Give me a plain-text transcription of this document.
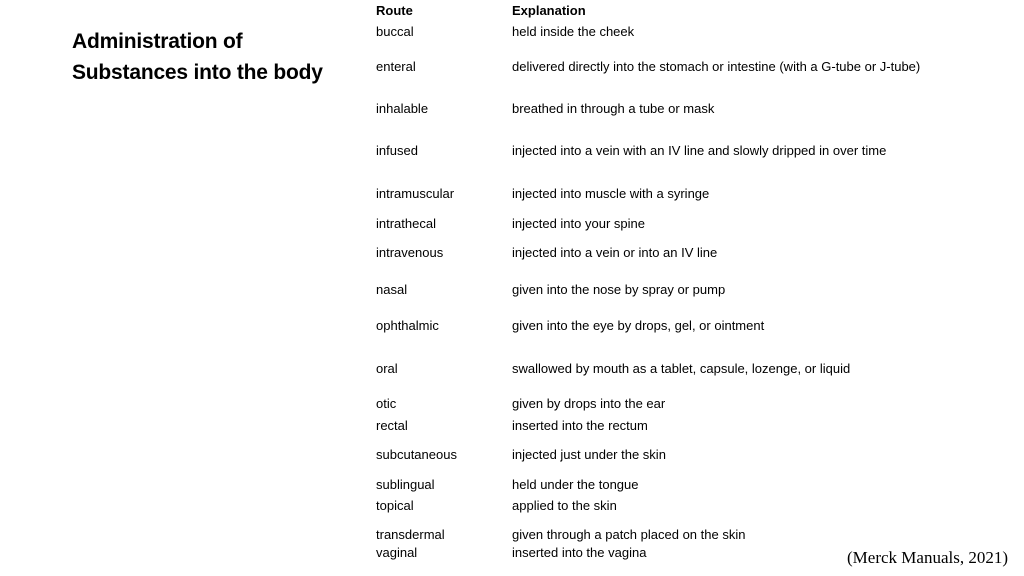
Administration of Substances into the body
Route	Explanation
buccal	held inside the cheek
enteral	delivered directly into the stomach or intestine (with a G-tube or J-tube)
inhalable	breathed in through a tube or mask
infused	injected into a vein with an IV line and slowly dripped in over time
intramuscular	injected into muscle with a syringe
intrathecal	injected into your spine
intravenous	injected into a vein or into an IV line
nasal	given into the nose by spray or pump
ophthalmic	given into the eye by drops, gel, or ointment
oral	swallowed by mouth as a tablet, capsule, lozenge, or liquid
otic	given by drops into the ear
rectal	inserted into the rectum
subcutaneous	injected just under the skin
sublingual	held under the tongue
topical	applied to the skin
transdermal	given through a patch placed on the skin
vaginal	inserted into the vagina	(Merck Manuals, 2021)
